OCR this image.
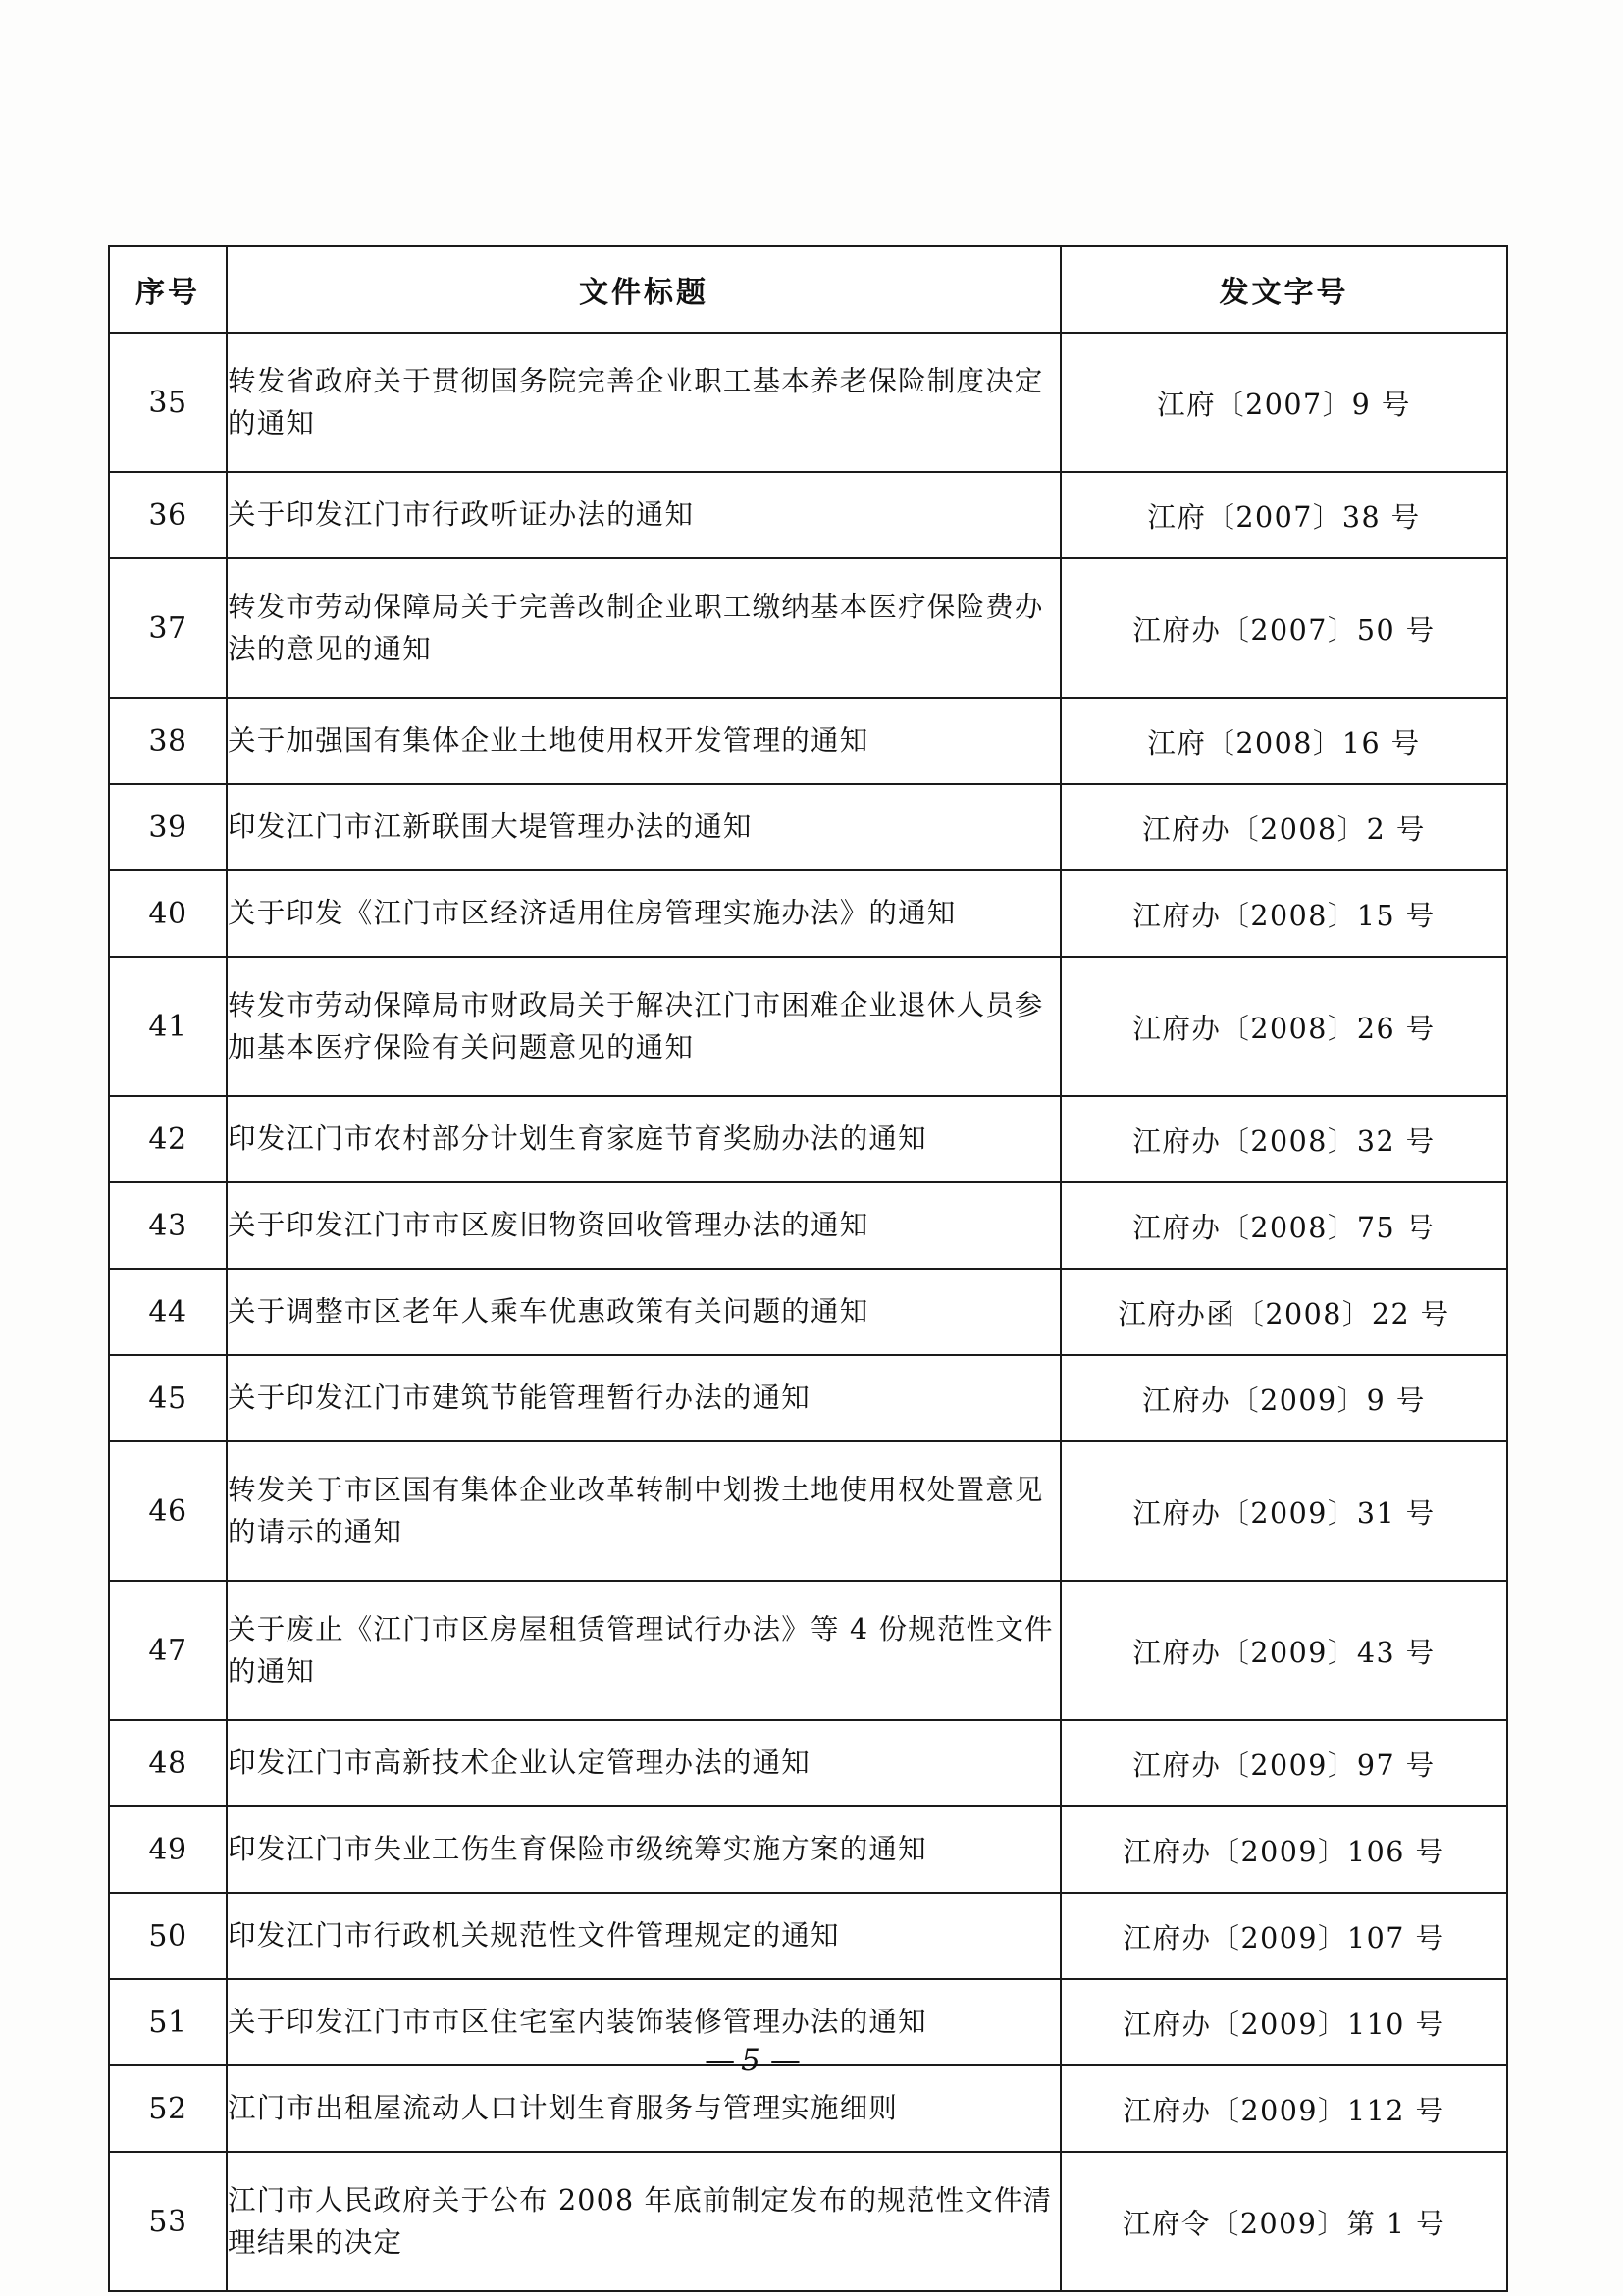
序号	文件标题	发文字号
35	转发省政府关于贯彻国务院完善企业职工基本养老保险制度决定的通知	江府〔2007〕9 号
36	关于印发江门市行政听证办法的通知	江府〔2007〕38 号
37	转发市劳动保障局关于完善改制企业职工缴纳基本医疗保险费办法的意见的通知	江府办〔2007〕50 号
38	关于加强国有集体企业土地使用权开发管理的通知	江府〔2008〕16 号
39	印发江门市江新联围大堤管理办法的通知	江府办〔2008〕2 号
40	关于印发《江门市区经济适用住房管理实施办法》的通知	江府办〔2008〕15 号
41	转发市劳动保障局市财政局关于解决江门市困难企业退休人员参加基本医疗保险有关问题意见的通知	江府办〔2008〕26 号
42	印发江门市农村部分计划生育家庭节育奖励办法的通知	江府办〔2008〕32 号
43	关于印发江门市市区废旧物资回收管理办法的通知	江府办〔2008〕75 号
44	关于调整市区老年人乘车优惠政策有关问题的通知	江府办函〔2008〕22 号
45	关于印发江门市建筑节能管理暂行办法的通知	江府办〔2009〕9 号
46	转发关于市区国有集体企业改革转制中划拨土地使用权处置意见的请示的通知	江府办〔2009〕31 号
47	关于废止《江门市区房屋租赁管理试行办法》等 4 份规范性文件的通知	江府办〔2009〕43 号
48	印发江门市高新技术企业认定管理办法的通知	江府办〔2009〕97 号
49	印发江门市失业工伤生育保险市级统筹实施方案的通知	江府办〔2009〕106 号
50	印发江门市行政机关规范性文件管理规定的通知	江府办〔2009〕107 号
51	关于印发江门市市区住宅室内装饰装修管理办法的通知	江府办〔2009〕110 号
52	江门市出租屋流动人口计划生育服务与管理实施细则	江府办〔2009〕112 号
53	江门市人民政府关于公布 2008 年底前制定发布的规范性文件清理结果的决定	江府令〔2009〕第 1 号
— 5 —
